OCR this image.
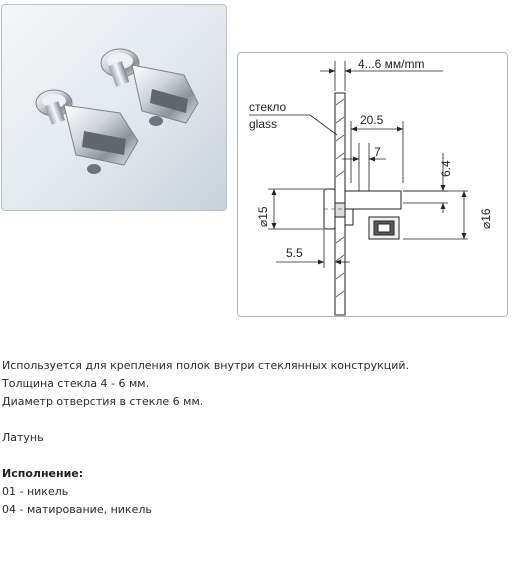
4...6 мм/mm
стекло
glass	20.5
7
6.4
⌀16
⌀15
5.5
Используется для крепления полок внутри стеклянных конструкций.
Толщина стекла 4 - 6 мм.
Диаметр отверстия в стекле 6 мм.
Латунь
Исполнение:
01 - никель
04 - матирование, никель
